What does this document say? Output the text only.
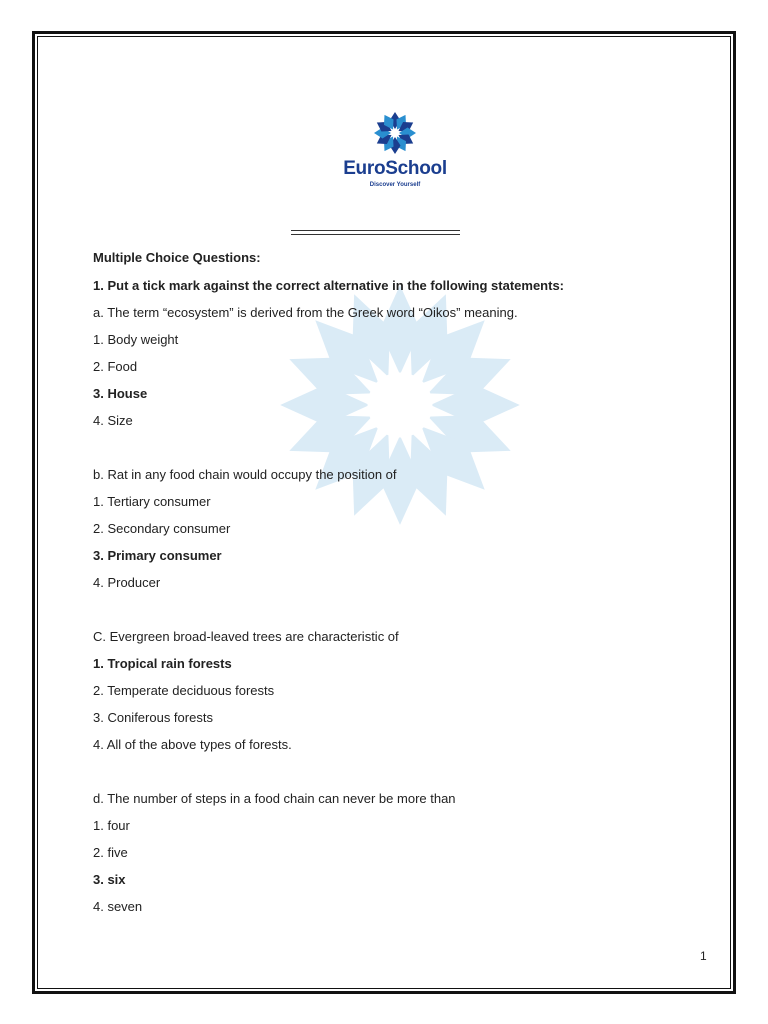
EuroSchool
Discover Yourself
Multiple Choice Questions:
1. Put a tick mark against the correct alternative in the following statements:
a. The term “ecosystem” is derived from the Greek word “Oikos” meaning.
1. Body weight
2. Food
3. House
4. Size
b. Rat in any food chain would occupy the position of
1. Tertiary consumer
2. Secondary consumer
3. Primary consumer
4. Producer
C. Evergreen broad-leaved trees are characteristic of
1. Tropical rain forests
2. Temperate deciduous forests
3. Coniferous forests
4. All of the above types of forests.
d. The number of steps in a food chain can never be more than
1. four
2. five
3. six
4. seven
1
